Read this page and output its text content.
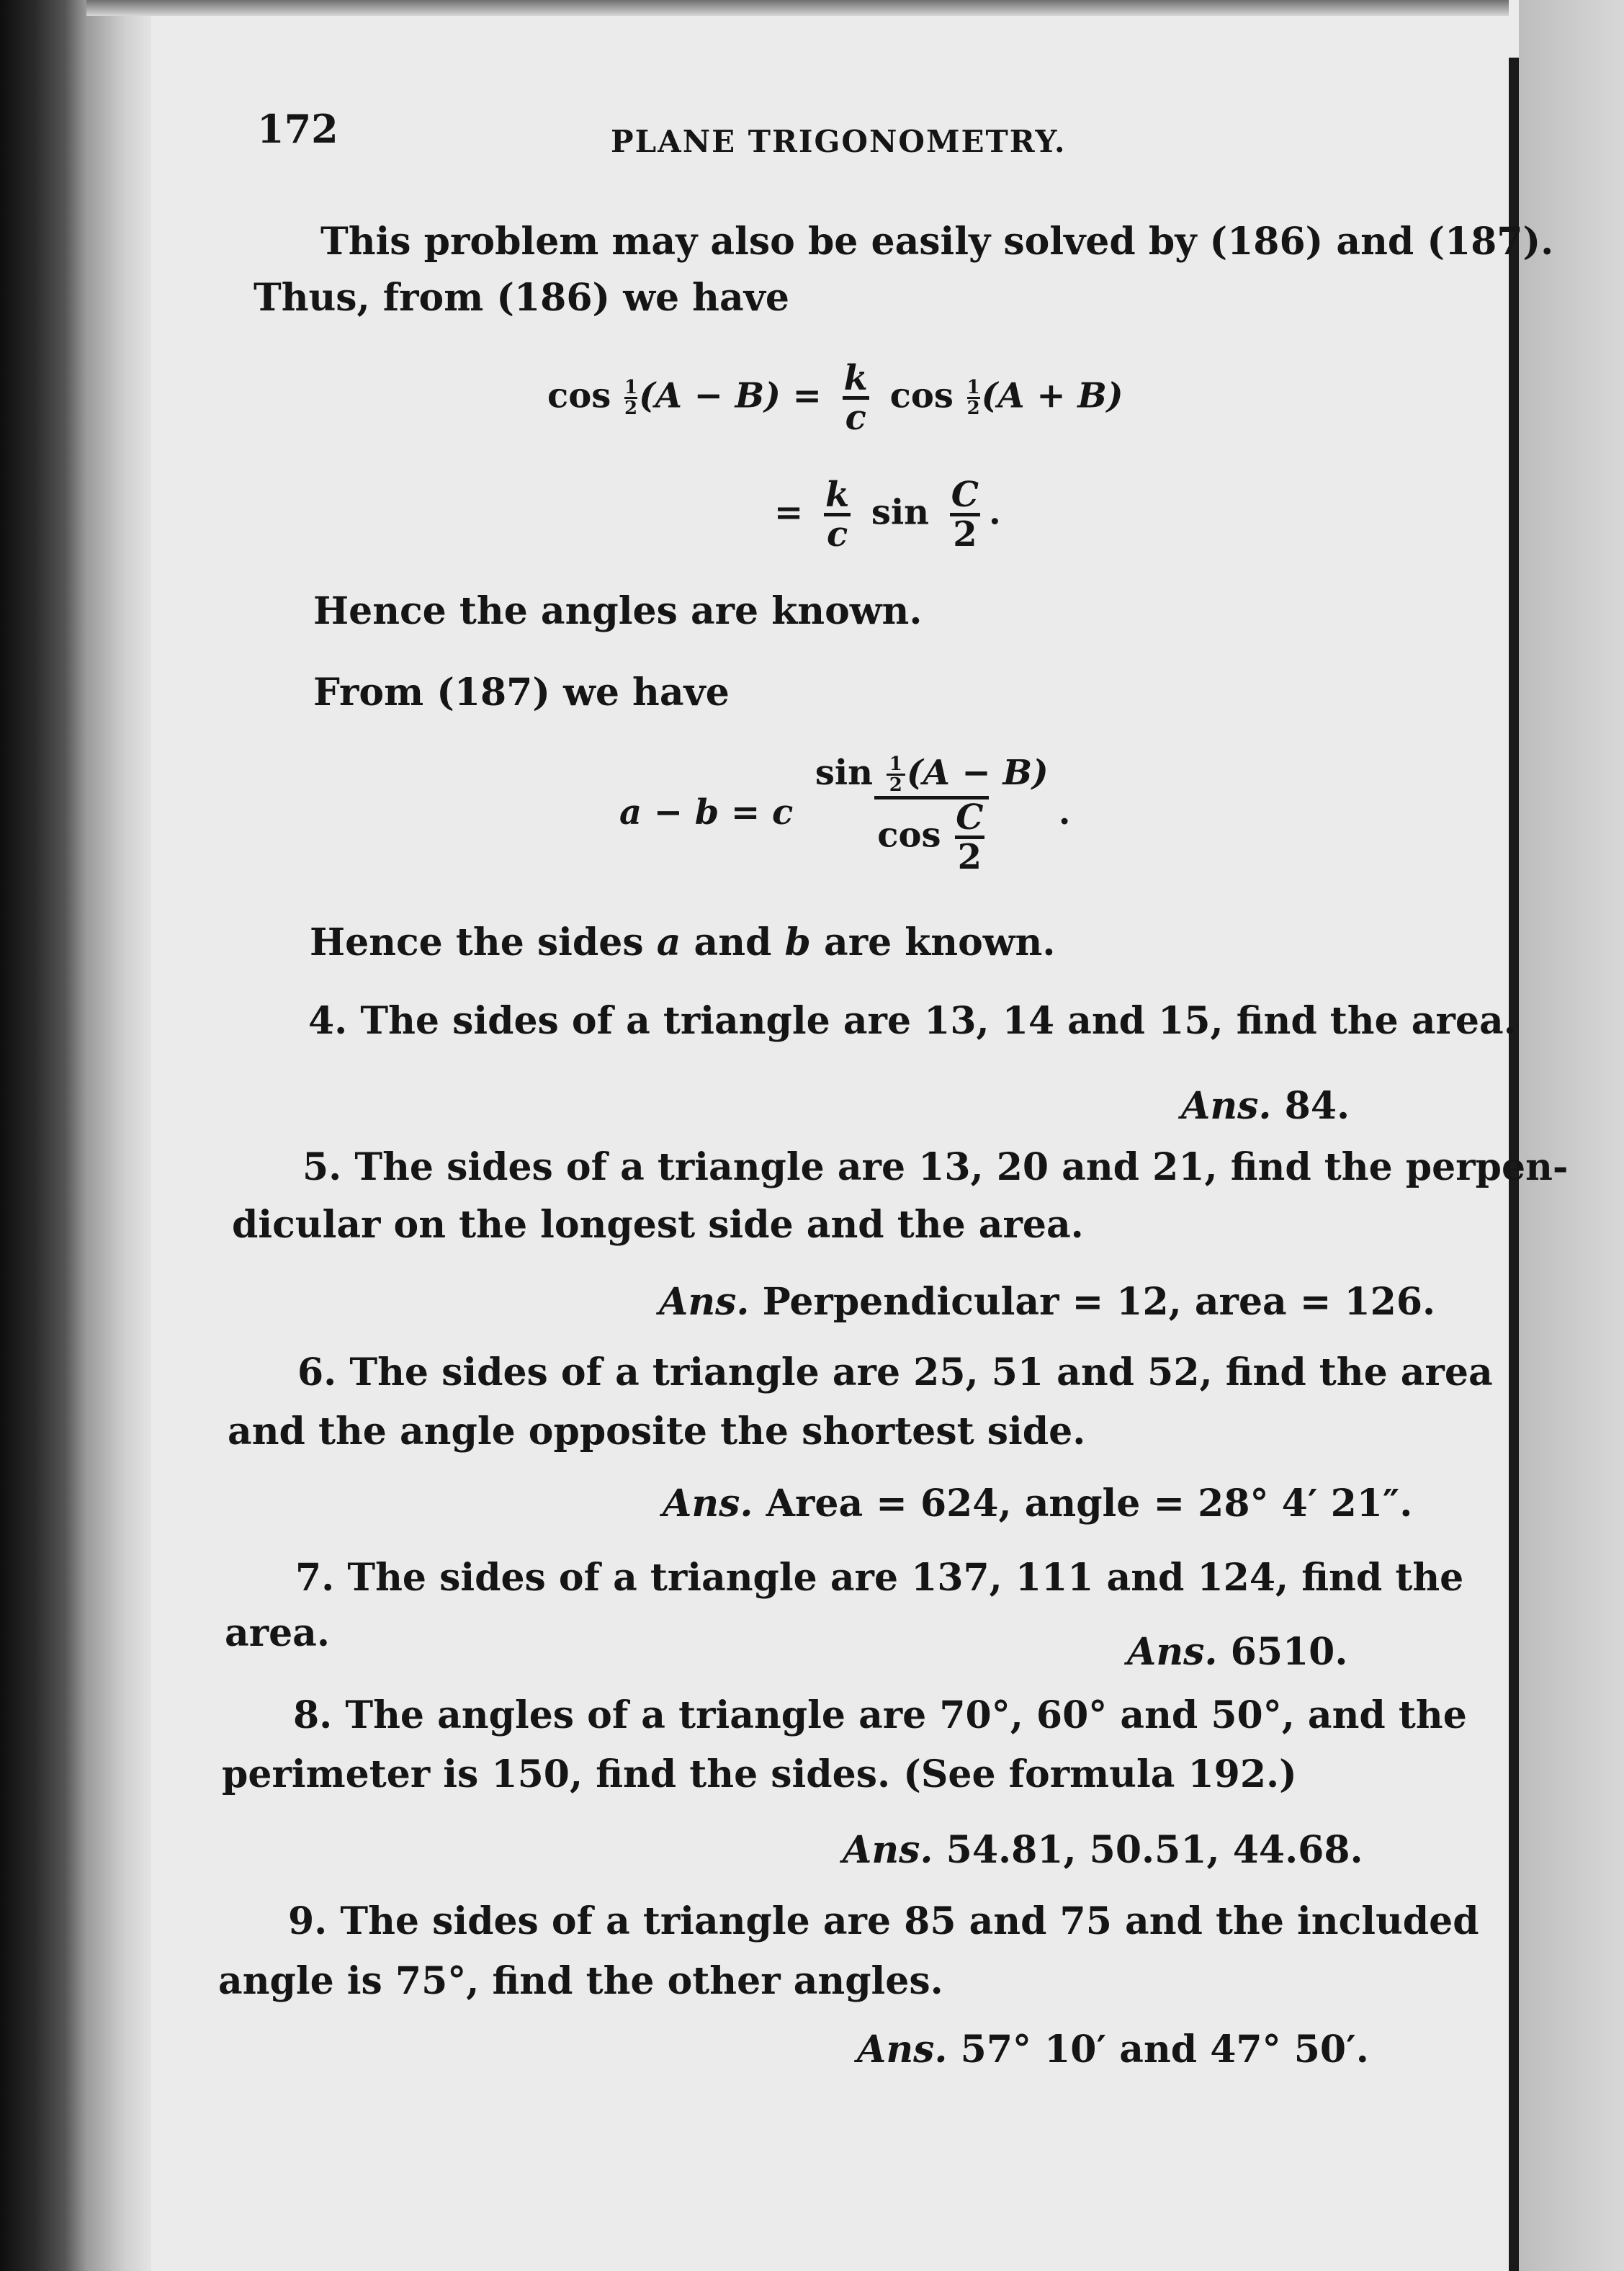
172	PLANE TRIGONOMETRY.
This problem may also be easily solved by (186) and (187).
Thus, from (186) we have
$\cos \frac{1}{2} (A - B) = \frac{k}{c}$ $\cos \frac{1}{2} (A + B)$
= $\frac{k}{c}$ $\sin \frac{C}{2}$ .
Hence the angles are known.
From (187) we have
a − b = c $\frac{\sin \frac{1}{2} (A - B)}{\cos \frac{C}{2}}$ .
Hence the sides a and b are known.
4. The sides of a triangle are 13, 14 and 15, find the area.
Ans. 84.
5. The sides of a triangle are 13, 20 and 21, find the perpen-
dicular on the longest side and the area.
Ans. Perpendicular = 12, area = 126.
6. The sides of a triangle are 25, 51 and 52, find the area
and the angle opposite the shortest side.
Ans. Area = 624, angle = 28° 4′ 21″.
7. The sides of a triangle are 137, 111 and 124, find the
area.	Ans. 6510.
8. The angles of a triangle are 70°, 60° and 50°, and the
perimeter is 150, find the sides. (See formula 192.)
Ans. 54.81, 50.51, 44.68.
9. The sides of a triangle are 85 and 75 and the included
angle is 75°, find the other angles.
Ans. 57° 10′ and 47° 50′.
